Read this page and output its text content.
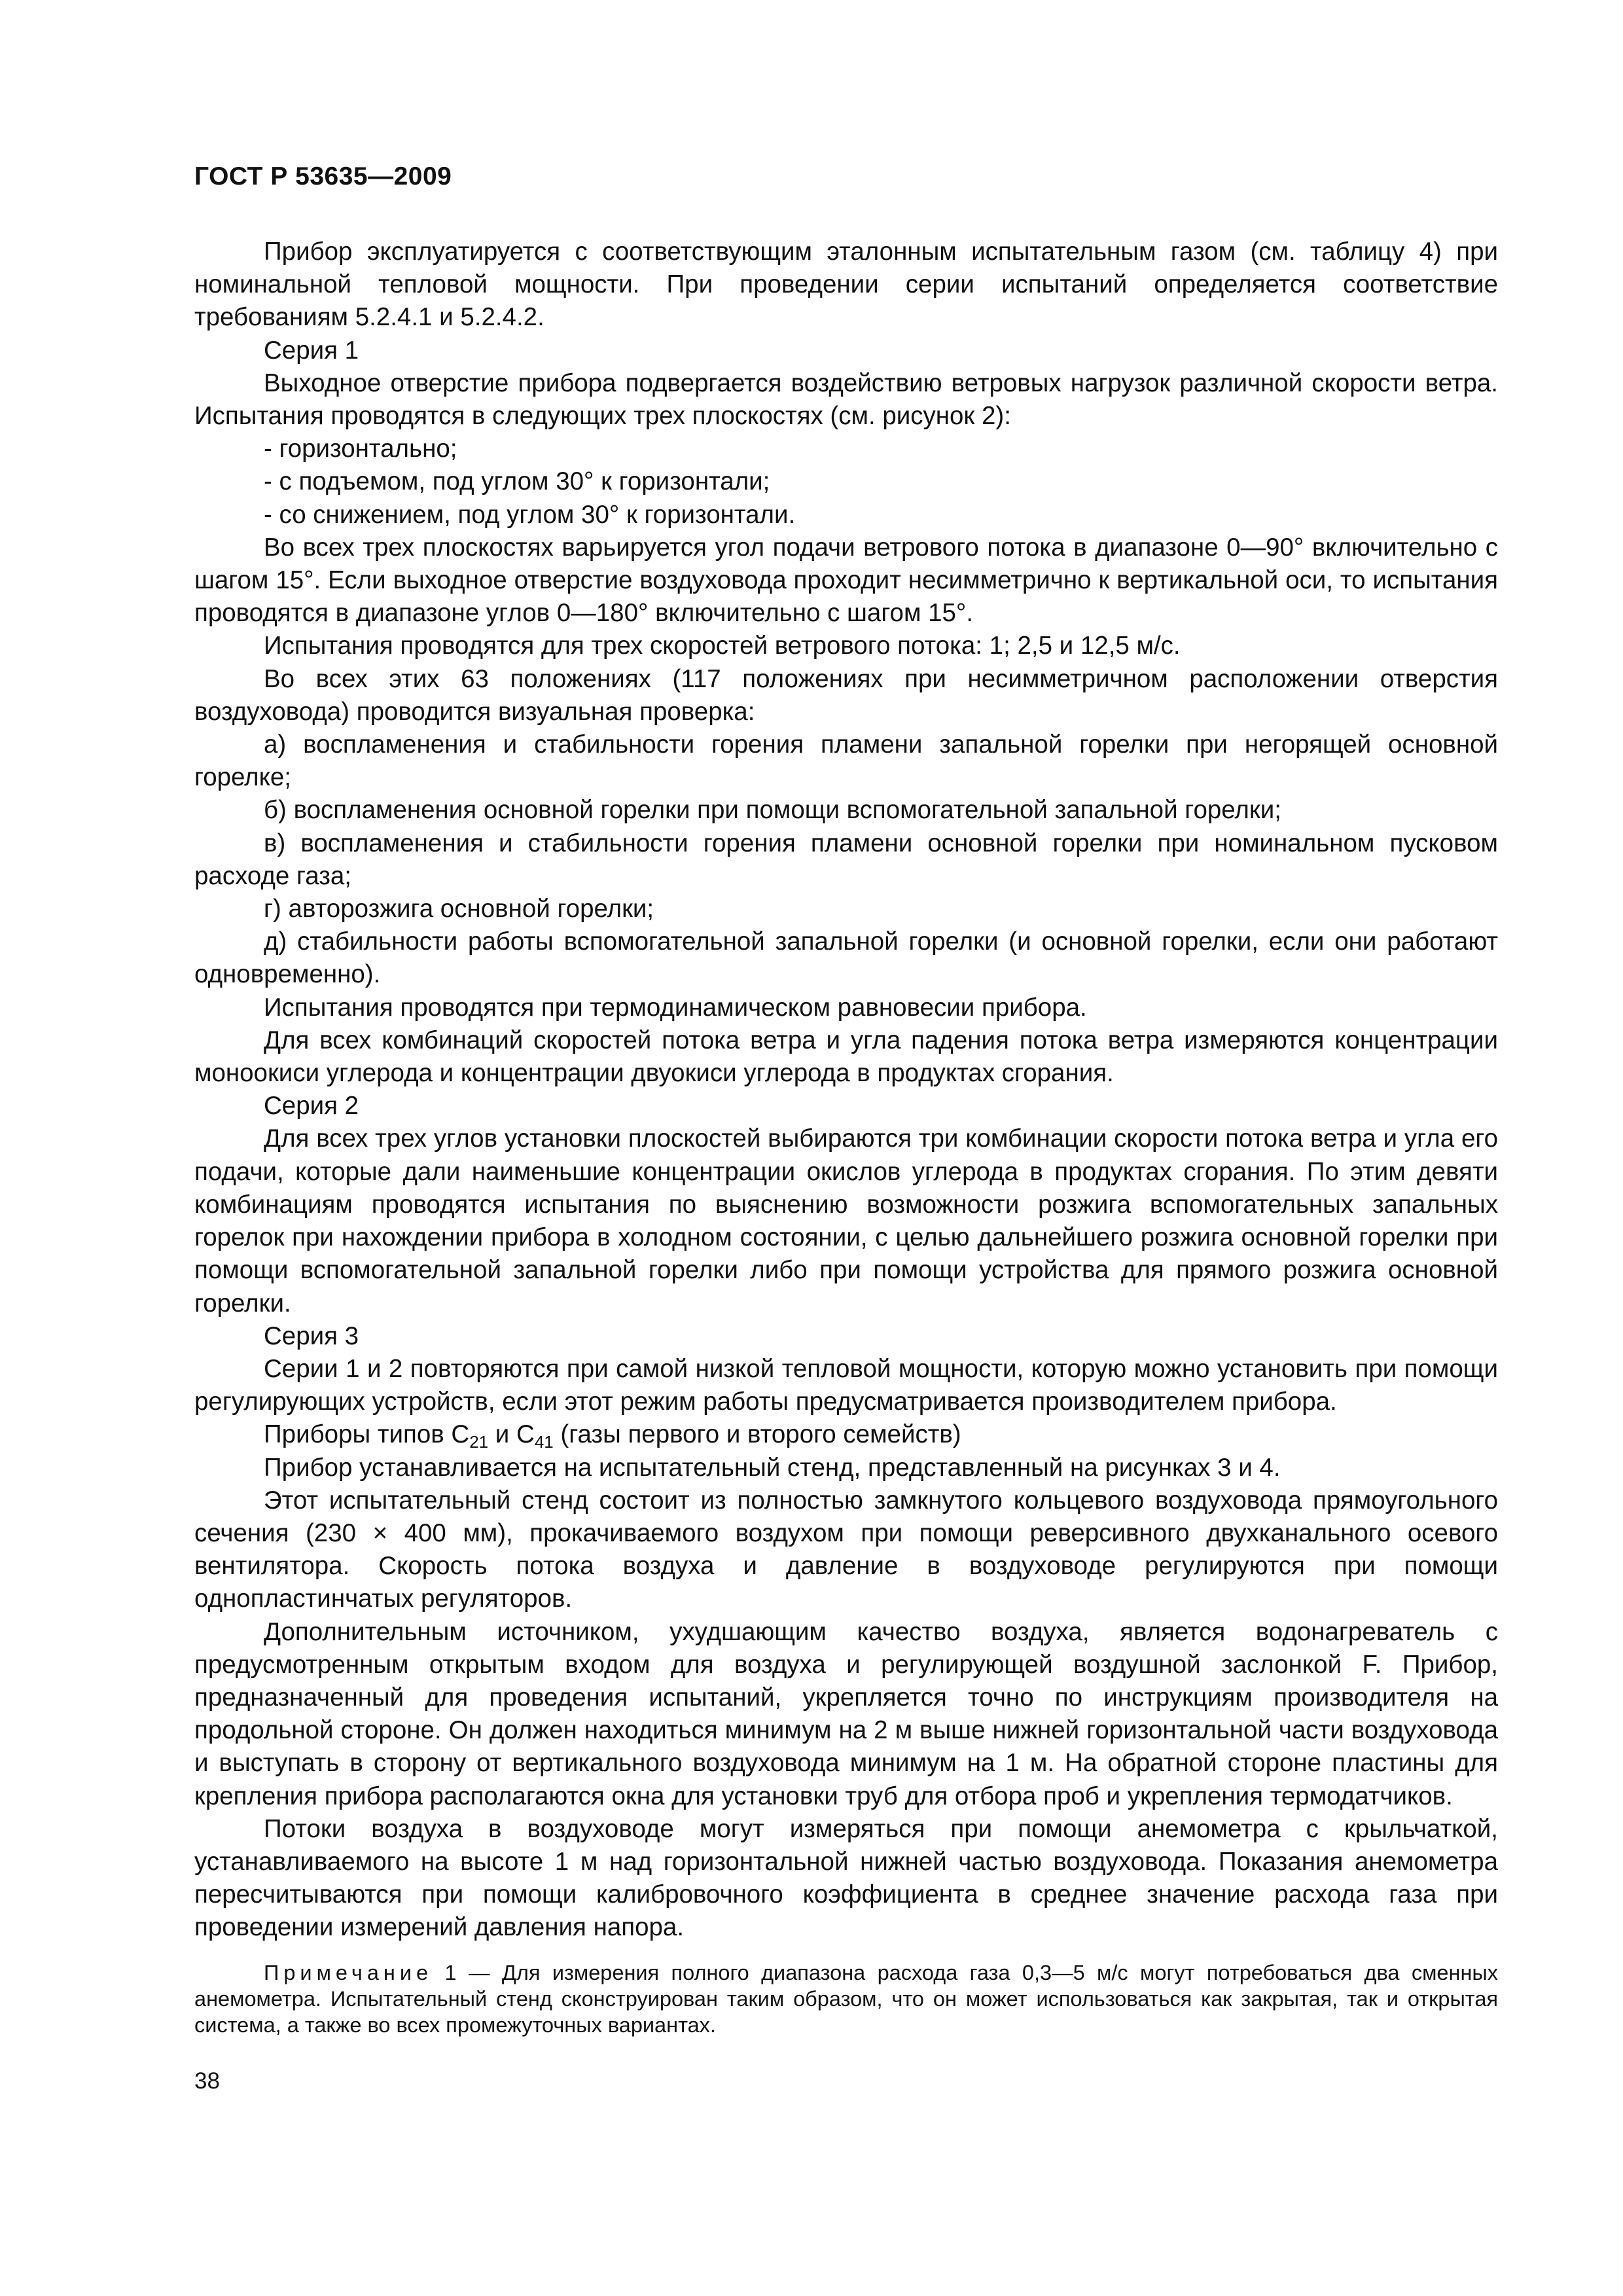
ГОСТ Р 53635—2009

Прибор эксплуатируется с соответствующим эталонным испытательным газом (см. таблицу 4) при номинальной тепловой мощности. При проведении серии испытаний определяется соответствие требованиям 5.2.4.1 и 5.2.4.2.

Серия 1

Выходное отверстие прибора подвергается воздействию ветровых нагрузок различной скорости ветра. Испытания проводятся в следующих трех плоскостях (см. рисунок 2):

- горизонтально;

- с подъемом, под углом 30° к горизонтали;

- со снижением, под углом 30° к горизонтали.

Во всех трех плоскостях варьируется угол подачи ветрового потока в диапазоне 0—90° включительно с шагом 15°. Если выходное отверстие воздуховода проходит несимметрично к вертикальной оси, то испытания проводятся в диапазоне углов 0—180° включительно с шагом 15°.

Испытания проводятся для трех скоростей ветрового потока: 1; 2,5 и 12,5 м/с.

Во всех этих 63 положениях (117 положениях при несимметричном расположении отверстия воздуховода) проводится визуальная проверка:

а) воспламенения и стабильности горения пламени запальной горелки при негорящей основной горелке;

б) воспламенения основной горелки при помощи вспомогательной запальной горелки;

в) воспламенения и стабильности горения пламени основной горелки при номинальном пусковом расходе газа;

г) авторозжига основной горелки;

д) стабильности работы вспомогательной запальной горелки (и основной горелки, если они работают одновременно).

Испытания проводятся при термодинамическом равновесии прибора.

Для всех комбинаций скоростей потока ветра и угла падения потока ветра измеряются концентрации моноокиси углерода и концентрации двуокиси углерода в продуктах сгорания.

Серия 2

Для всех трех углов установки плоскостей выбираются три комбинации скорости потока ветра и угла его подачи, которые дали наименьшие концентрации окислов углерода в продуктах сгорания. По этим девяти комбинациям проводятся испытания по выяснению возможности розжига вспомогательных запальных горелок при нахождении прибора в холодном состоянии, с целью дальнейшего розжига основной горелки при помощи вспомогательной запальной горелки либо при помощи устройства для прямого розжига основной горелки.

Серия 3

Серии 1 и 2 повторяются при самой низкой тепловой мощности, которую можно установить при помощи регулирующих устройств, если этот режим работы предусматривается производителем прибора.

Приборы типов $C_{21}$ и $C_{41}$ (газы первого и второго семейств)

Прибор устанавливается на испытательный стенд, представленный на рисунках 3 и 4.

Этот испытательный стенд состоит из полностью замкнутого кольцевого воздуховода прямоугольного сечения (230 × 400 мм), прокачиваемого воздухом при помощи реверсивного двухканального осевого вентилятора. Скорость потока воздуха и давление в воздуховоде регулируются при помощи однопластинчатых регуляторов.

Дополнительным источником, ухудшающим качество воздуха, является водонагреватель с предусмотренным открытым входом для воздуха и регулирующей воздушной заслонкой F. Прибор, предназначенный для проведения испытаний, укрепляется точно по инструкциям производителя на продольной стороне. Он должен находиться минимум на 2 м выше нижней горизонтальной части воздуховода и выступать в сторону от вертикального воздуховода минимум на 1 м. На обратной стороне пластины для крепления прибора располагаются окна для установки труб для отбора проб и укрепления термодатчиков.

Потоки воздуха в воздуховоде могут измеряться при помощи анемометра с крыльчаткой, устанавливаемого на высоте 1 м над горизонтальной нижней частью воздуховода. Показания анемометра пересчитываются при помощи калибровочного коэффициента в среднее значение расхода газа при проведении измерений давления напора.

Примечание 1 — Для измерения полного диапазона расхода газа 0,3—5 м/с могут потребоваться два сменных анемометра. Испытательный стенд сконструирован таким образом, что он может использоваться как закрытая, так и открытая система, а также во всех промежуточных вариантах.
38
